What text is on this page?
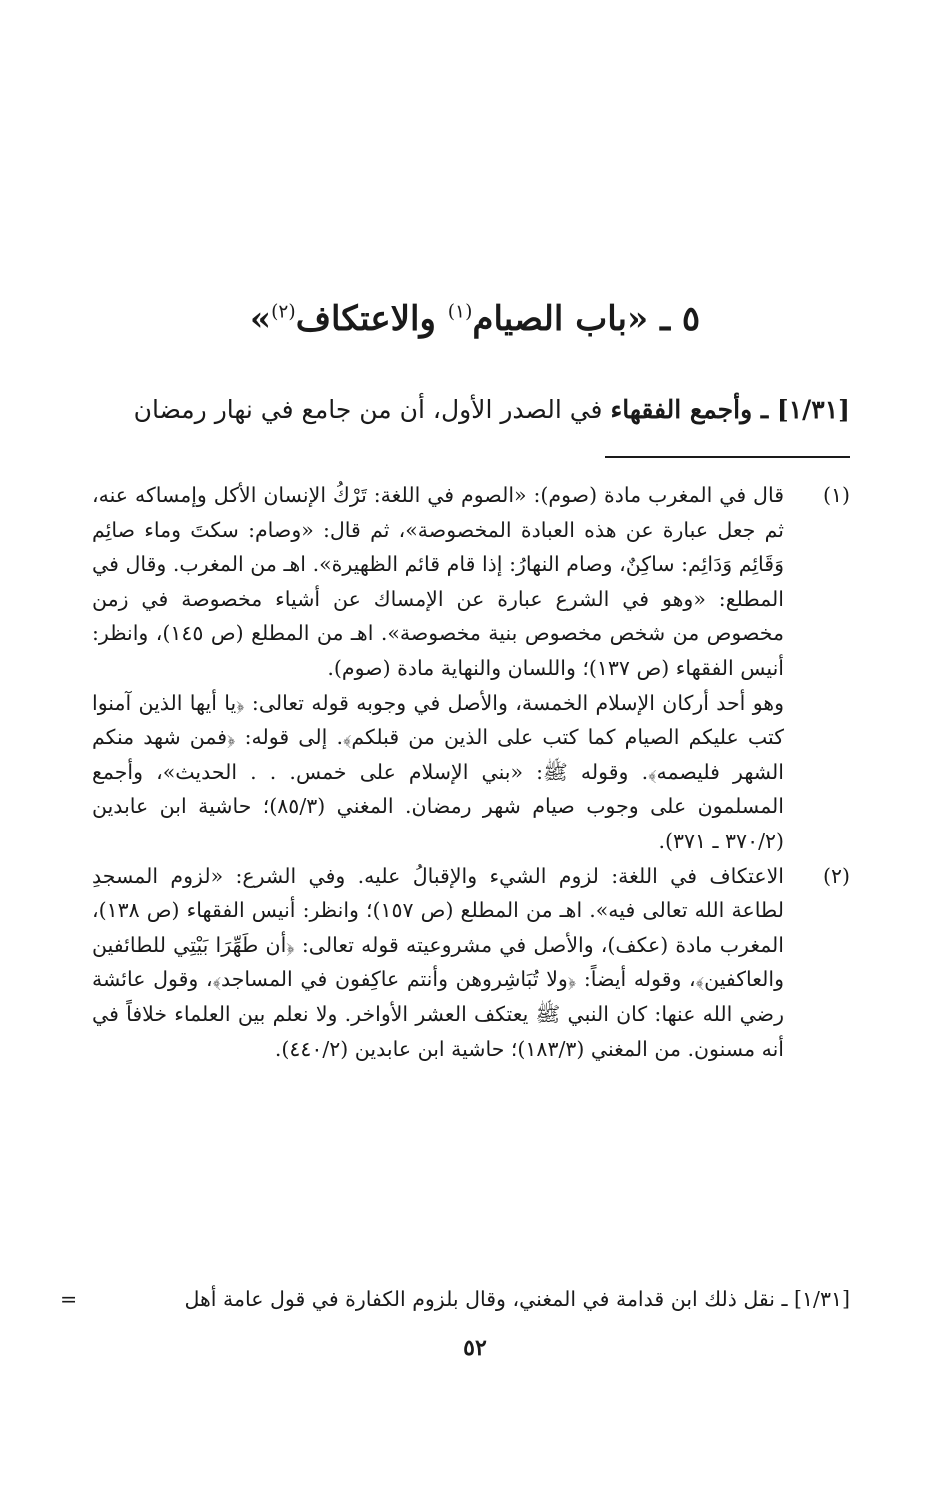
٥ ـ «باب الصيام$^{(١)}$ والاعتكاف$^{(٢)}$»

[١/٣١] ـ وأجمع الفقهاء في الصدر الأول، أن من جامع في نهار رمضان

(١)

قال في المغرب مادة (صوم): «الصوم في اللغة: تَرْكُ الإنسان الأكل وإمساكه عنه، ثم جعل عبارة عن هذه العبادة المخصوصة»، ثم قال: «وصام: سكتَ وماء صائِم وَقَائِم وَدَائِم: ساكِنٌ، وصام النهارُ: إذا قام قائم الظهيرة». اهـ من المغرب. وقال في المطلع: «وهو في الشرع عبارة عن الإمساك عن أشياء مخصوصة في زمن مخصوص من شخص مخصوص بنية مخصوصة». اهـ من المطلع (ص ١٤٥)، وانظر: أنيس الفقهاء (ص ١٣٧)؛ واللسان والنهاية مادة (صوم).

وهو أحد أركان الإسلام الخمسة، والأصل في وجوبه قوله تعالى: ﴿يا أيها الذين آمنوا كتب عليكم الصيام كما كتب على الذين من قبلكم﴾. إلى قوله: ﴿فمن شهد منكم الشهر فليصمه﴾. وقوله ﷺ: «بني الإسلام على خمس. . . الحديث»، وأجمع المسلمون على وجوب صيام شهر رمضان. المغني (٨٥/٣)؛ حاشية ابن عابدين (٣٧٠/٢ ـ ٣٧١).

(٢)

الاعتكاف في اللغة: لزوم الشيء والإقبالُ عليه. وفي الشرع: «لزوم المسجدِ لطاعة الله تعالى فيه». اهـ من المطلع (ص ١٥٧)؛ وانظر: أنيس الفقهاء (ص ١٣٨)، المغرب مادة (عكف)، والأصل في مشروعيته قوله تعالى: ﴿أن طَهِّرَا بَيْتِي للطائفين والعاكفين﴾، وقوله أيضاً: ﴿ولا تُبَاشِروهن وأنتم عاكِفون في المساجد﴾، وقول عائشة رضي الله عنها: كان النبي ﷺ يعتكف العشر الأواخر. ولا نعلم بين العلماء خلافاً في أنه مسنون. من المغني (١٨٣/٣)؛ حاشية ابن عابدين (٤٤٠/٢).

[١/٣١] ـ نقل ذلك ابن قدامة في المغني، وقال بلزوم الكفارة في قول عامة أهل
=

٥٢
